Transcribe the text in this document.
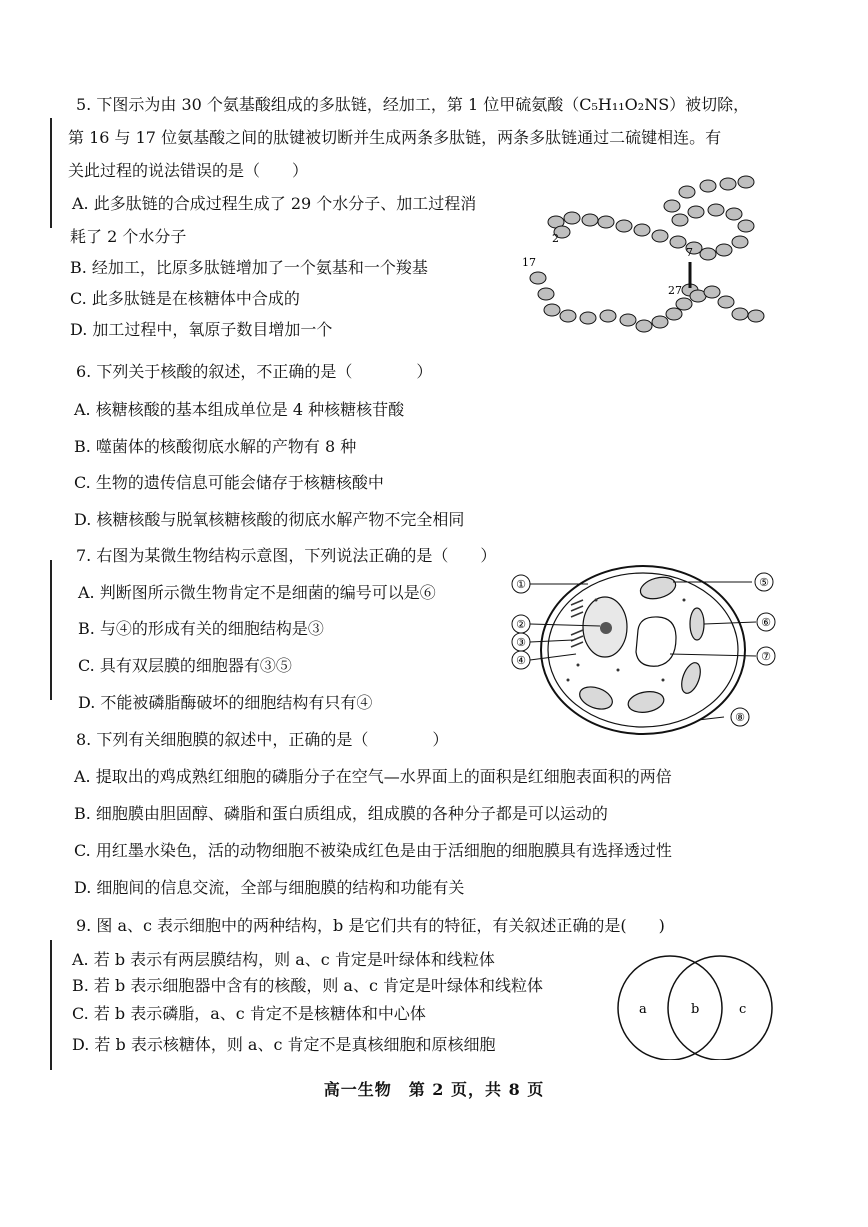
5. 下图示为由 30 个氨基酸组成的多肽链，经加工，第 1 位甲硫氨酸（C₅H₁₁O₂NS）被切除，
第 16 与 17 位氨基酸之间的肽键被切断并生成两条多肽链，两条多肽链通过二硫键相连。有
关此过程的说法错误的是（　　）
A. 此多肽链的合成过程生成了 29 个水分子、加工过程消
耗了 2 个水分子
B. 经加工，比原多肽链增加了一个氨基和一个羧基
C. 此多肽链是在核糖体中合成的
D. 加工过程中，氧原子数目增加一个
2
7
17
27
6. 下列关于核酸的叙述，不正确的是（　　　　）
A. 核糖核酸的基本组成单位是 4 种核糖核苷酸
B. 噬菌体的核酸彻底水解的产物有 8 种
C. 生物的遗传信息可能会储存于核糖核酸中
D. 核糖核酸与脱氧核糖核酸的彻底水解产物不完全相同
7. 右图为某微生物结构示意图，下列说法正确的是（　　）
A. 判断图所示微生物肯定不是细菌的编号可以是⑥
B. 与④的形成有关的细胞结构是③
C. 具有双层膜的细胞器有③⑤
D. 不能被磷脂酶破坏的细胞结构有只有④
①
②
③
④
⑤
⑥
⑦
⑧
8. 下列有关细胞膜的叙述中，正确的是（　　　　）
A. 提取出的鸡成熟红细胞的磷脂分子在空气—水界面上的面积是红细胞表面积的两倍
B. 细胞膜由胆固醇、磷脂和蛋白质组成，组成膜的各种分子都是可以运动的
C. 用红墨水染色，活的动物细胞不被染成红色是由于活细胞的细胞膜具有选择透过性
D. 细胞间的信息交流，全部与细胞膜的结构和功能有关
9. 图 a、c 表示细胞中的两种结构，b 是它们共有的特征，有关叙述正确的是(　　)
A. 若 b 表示有两层膜结构，则 a、c 肯定是叶绿体和线粒体
B. 若 b 表示细胞器中含有的核酸，则 a、c 肯定是叶绿体和线粒体
C. 若 b 表示磷脂，a、c 肯定不是核糖体和中心体
D. 若 b 表示核糖体，则 a、c 肯定不是真核细胞和原核细胞
a	b	c
高一生物　第 2 页，共 8 页
